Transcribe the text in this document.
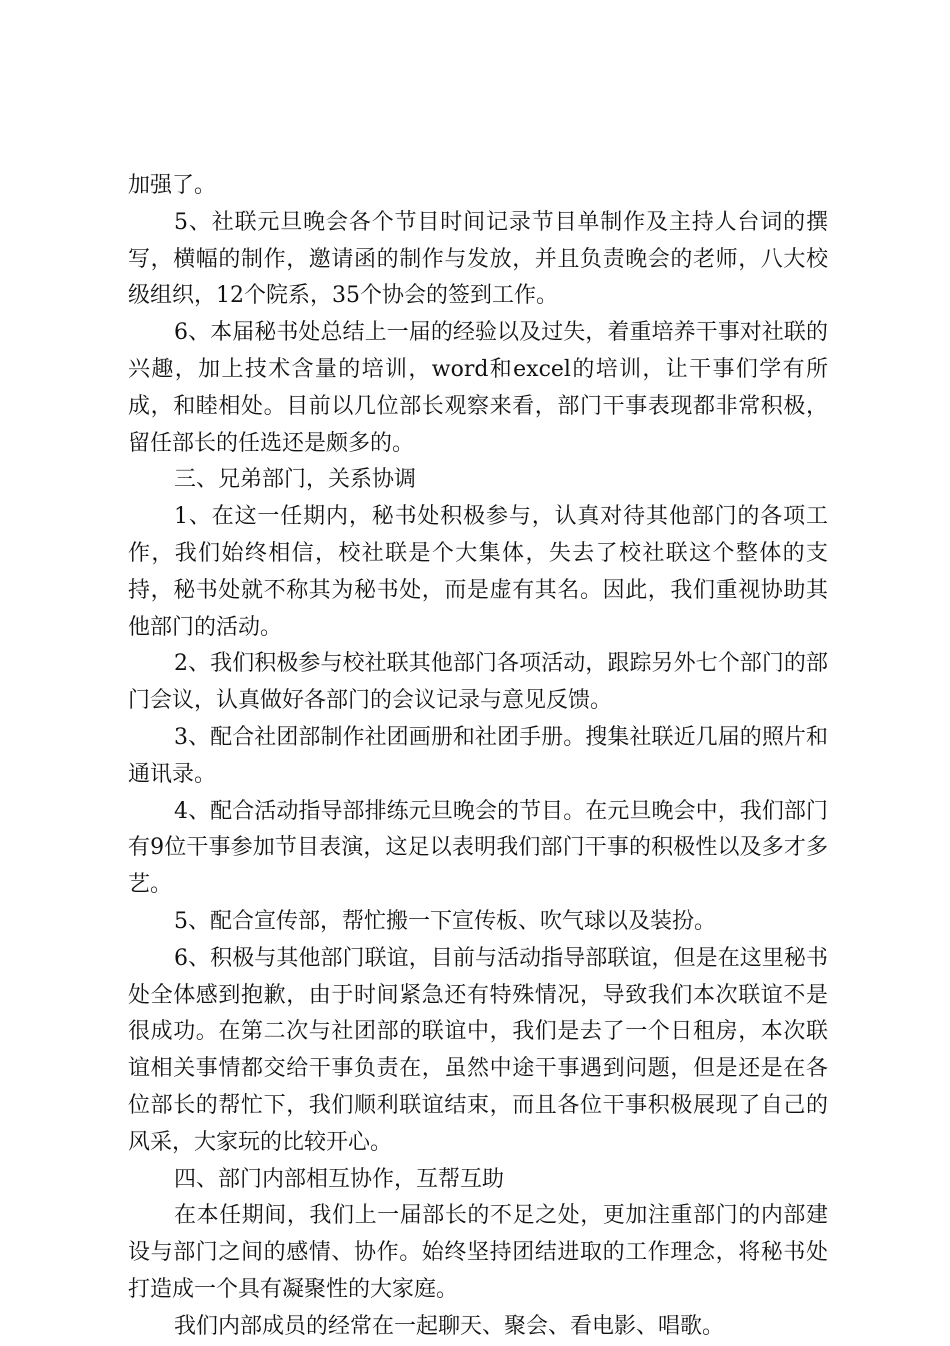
加强了。

5、社联元旦晚会各个节目时间记录节目单制作及主持人台词的撰写，横幅的制作，邀请函的制作与发放，并且负责晚会的老师，八大校级组织，12个院系，35个协会的签到工作。

6、本届秘书处总结上一届的经验以及过失，着重培养干事对社联的兴趣，加上技术含量的培训，word和excel的培训，让干事们学有所成，和睦相处。目前以几位部长观察来看，部门干事表现都非常积极，留任部长的任选还是颇多的。

三、兄弟部门，关系协调

1、在这一任期内，秘书处积极参与，认真对待其他部门的各项工作，我们始终相信，校社联是个大集体，失去了校社联这个整体的支持，秘书处就不称其为秘书处，而是虚有其名。因此，我们重视协助其他部门的活动。

2、我们积极参与校社联其他部门各项活动，跟踪另外七个部门的部门会议，认真做好各部门的会议记录与意见反馈。

3、配合社团部制作社团画册和社团手册。搜集社联近几届的照片和通讯录。

4、配合活动指导部排练元旦晚会的节目。在元旦晚会中，我们部门有9位干事参加节目表演，这足以表明我们部门干事的积极性以及多才多艺。

5、配合宣传部，帮忙搬一下宣传板、吹气球以及装扮。

6、积极与其他部门联谊，目前与活动指导部联谊，但是在这里秘书处全体感到抱歉，由于时间紧急还有特殊情况，导致我们本次联谊不是很成功。在第二次与社团部的联谊中，我们是去了一个日租房，本次联谊相关事情都交给干事负责在，虽然中途干事遇到问题，但是还是在各位部长的帮忙下，我们顺利联谊结束，而且各位干事积极展现了自己的风采，大家玩的比较开心。

四、部门内部相互协作，互帮互助

在本任期间，我们上一届部长的不足之处，更加注重部门的内部建设与部门之间的感情、协作。始终坚持团结进取的工作理念，将秘书处打造成一个具有凝聚性的大家庭。

我们内部成员的经常在一起聊天、聚会、看电影、唱歌。
